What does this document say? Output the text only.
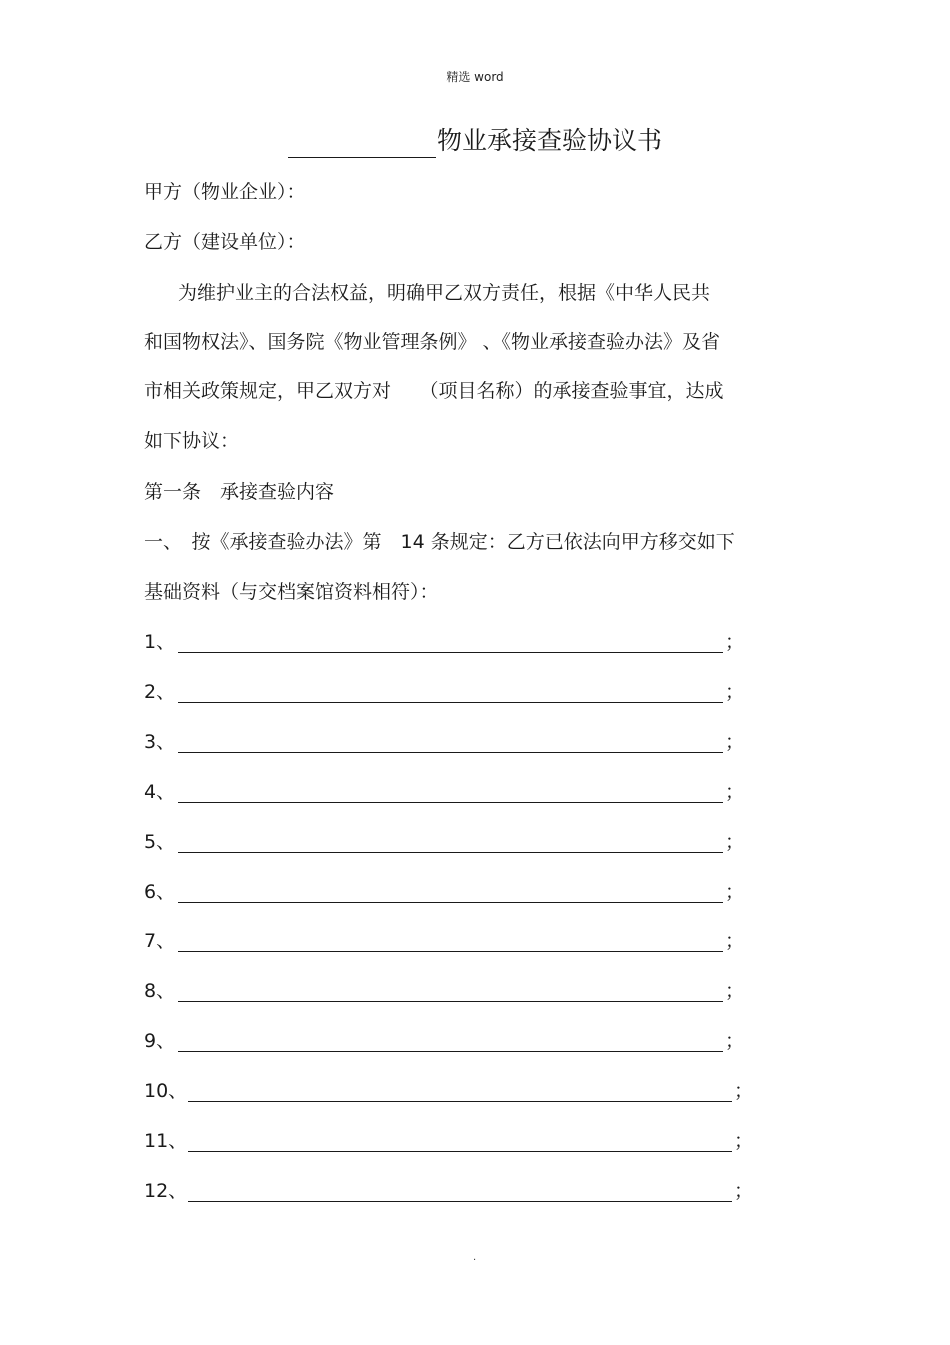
精选 word
物业承接查验协议书
甲方（物业企业）：
乙方（建设单位）：
为维护业主的合法权益，明确甲乙双方责任，根据《中华人民共
和国物权法》、国务院《物业管理条例》 、《物业承接查验办法》及省
市相关政策规定，甲乙双方对　　（项目名称）的承接查验事宜，达成
如下协议：
第一条　承接查验内容
一、　按《承接查验办法》第　14 条规定：乙方已依法向甲方移交如下
基础资料（与交档案馆资料相符）：
1、	；
2、	；
3、	；
4、	；
5、	；
6、	；
7、	；
8、	；
9、	；
10、	；
11、	；
12、	；
.
